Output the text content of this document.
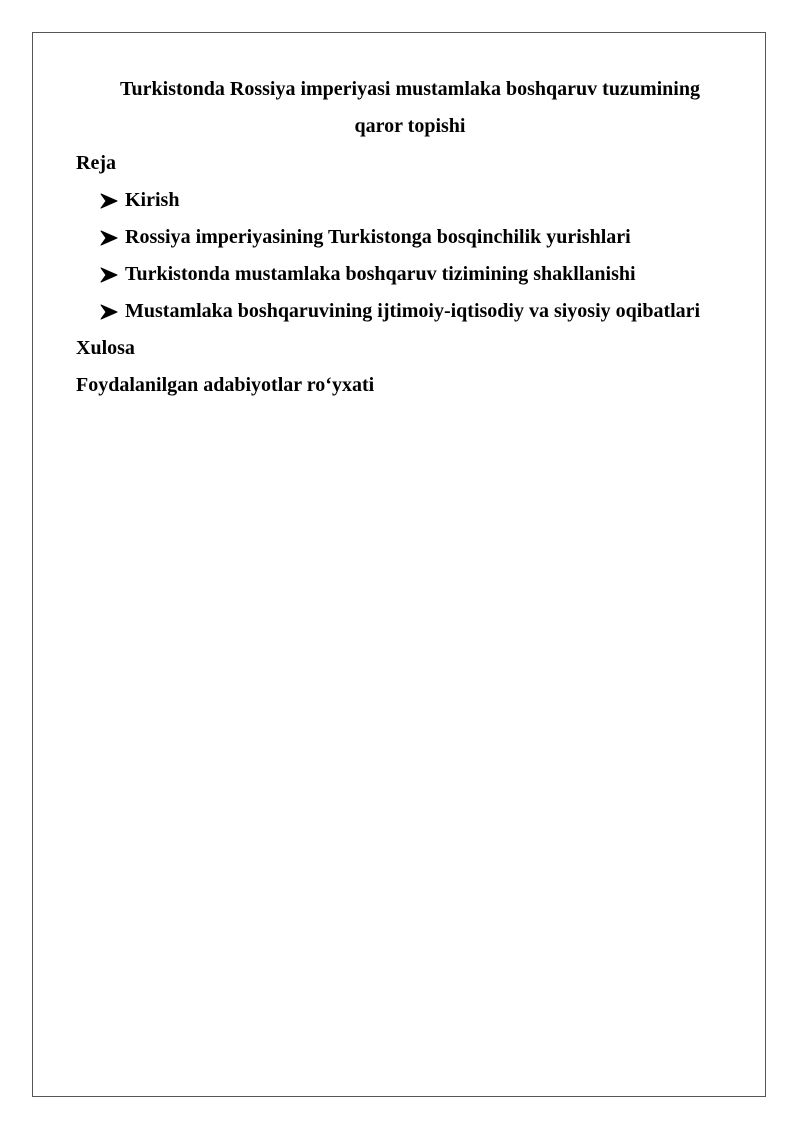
Turkistonda Rossiya imperiyasi mustamlaka boshqaruv tuzumining
qaror topishi

Reja

Kirish
Rossiya imperiyasining Turkistonga bosqinchilik yurishlari
Turkistonda mustamlaka boshqaruv tizimining shakllanishi
Mustamlaka boshqaruvining ijtimoiy-iqtisodiy va siyosiy oqibatlari

Xulosa

Foydalanilgan adabiyotlar ro‘yxati
